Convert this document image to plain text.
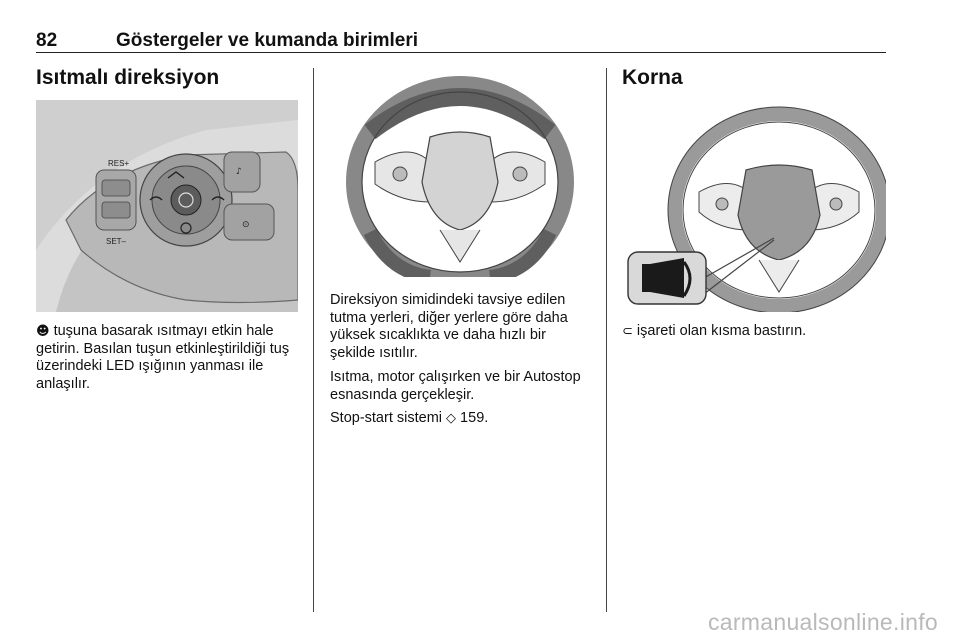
82	Göstergeler ve kumanda birimleri
Isıtmalı direksiyon
♪
⊙
RES+
SET–

☻ tuşuna basarak ısıtmayı etkin hale getirin. Basılan tuşun etkinleştirildiği tuş üzerindeki LED ışığının yanması ile anlaşılır.

Direksiyon simidindeki tavsiye edilen tutma yerleri, diğer yerlere göre daha yüksek sıcaklıkta ve daha hızlı bir şekilde ısıtılır.

Isıtma, motor çalışırken ve bir Autostop esnasında gerçekleşir.

Stop-start sistemi ◇ 159.

Korna

⊂ işareti olan kısma bastırın.

carmanualsonline.info
